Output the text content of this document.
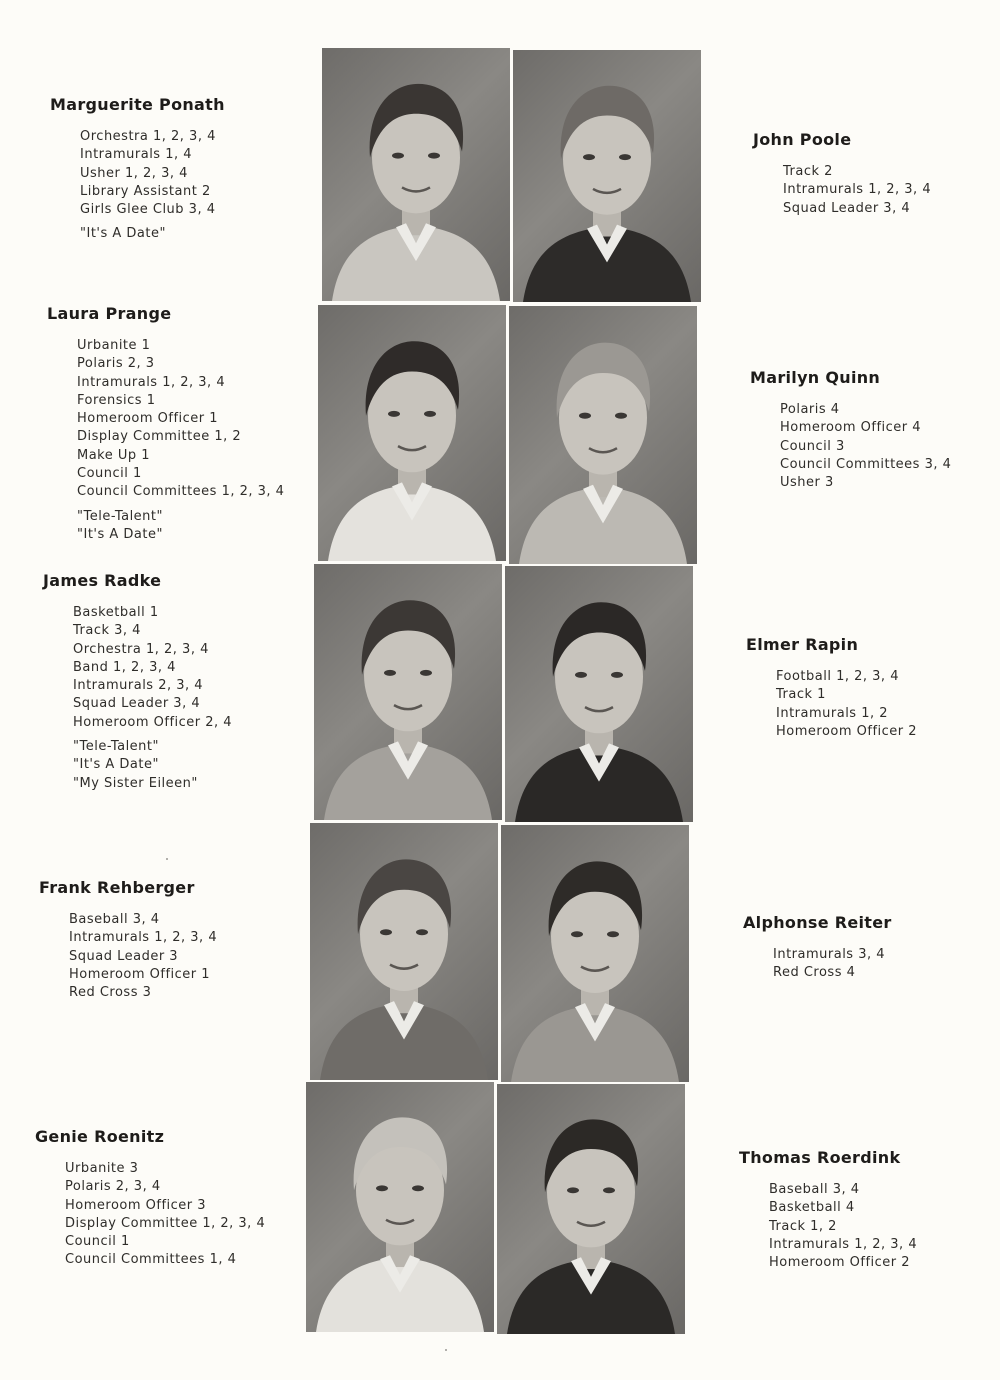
Marguerite Ponath
Orchestra 1, 2, 3, 4
Intramurals 1, 4
Usher 1, 2, 3, 4
Library Assistant 2
Girls Glee Club 3, 4
"It's A Date"
Laura Prange
Urbanite 1
Polaris 2, 3
Intramurals 1, 2, 3, 4
Forensics 1
Homeroom Officer 1
Display Committee 1, 2
Make Up 1
Council 1
Council Committees 1, 2, 3, 4
"Tele-Talent"
"It's A Date"
James Radke
Basketball 1
Track 3, 4
Orchestra 1, 2, 3, 4
Band 1, 2, 3, 4
Intramurals 2, 3, 4
Squad Leader 3, 4
Homeroom Officer 2, 4
"Tele-Talent"
"It's A Date"
"My Sister Eileen"
Frank Rehberger
Baseball 3, 4
Intramurals 1, 2, 3, 4
Squad Leader 3
Homeroom Officer 1
Red Cross 3
Genie Roenitz
Urbanite 3
Polaris 2, 3, 4
Homeroom Officer 3
Display Committee 1, 2, 3, 4
Council 1
Council Committees 1, 4
John Poole
Track 2
Intramurals 1, 2, 3, 4
Squad Leader 3, 4
Marilyn Quinn
Polaris 4
Homeroom Officer 4
Council 3
Council Committees 3, 4
Usher 3
Elmer Rapin
Football 1, 2, 3, 4
Track 1
Intramurals 1, 2
Homeroom Officer 2
Alphonse Reiter
Intramurals 3, 4
Red Cross 4
Thomas Roerdink
Baseball 3, 4
Basketball 4
Track 1, 2
Intramurals 1, 2, 3, 4
Homeroom Officer 2
